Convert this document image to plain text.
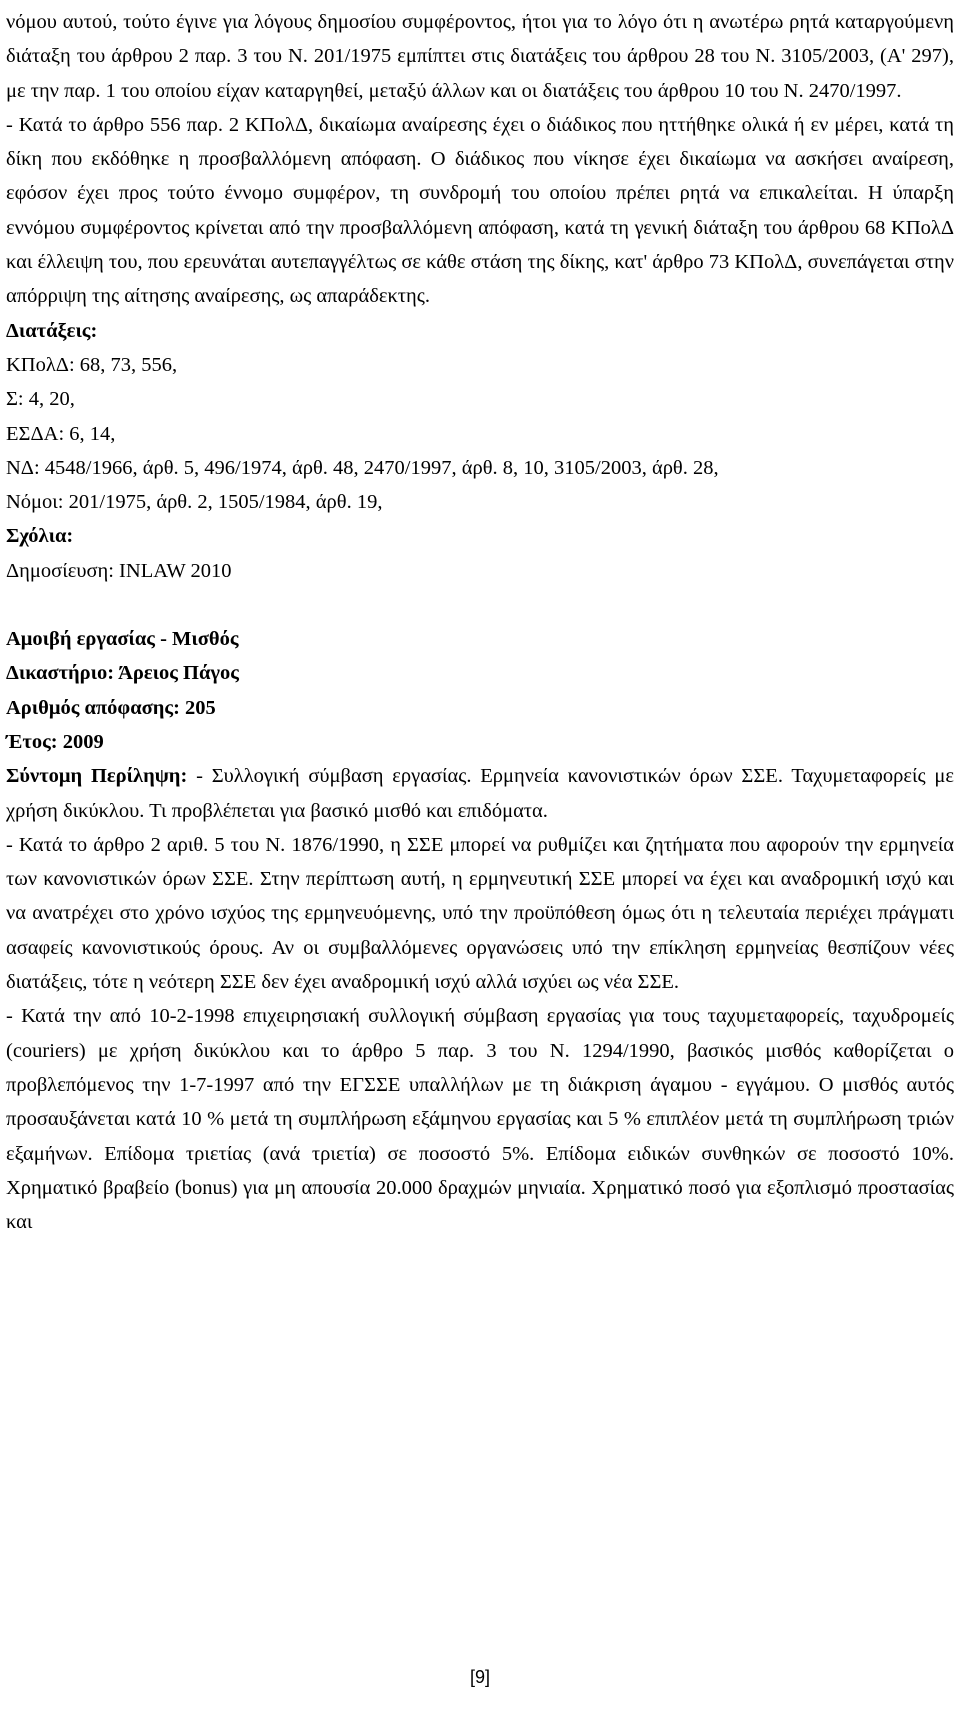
νόμου αυτού, τούτο έγινε για λόγους δημοσίου συμφέροντος, ήτοι για το λόγο ότι η ανωτέρω ρητά καταργούμενη διάταξη του άρθρου 2 παρ. 3 του Ν. 201/1975 εμπίπτει στις διατάξεις του άρθρου 28 του Ν. 3105/2003, (Α' 297), με την παρ. 1 του οποίου είχαν καταργηθεί, μεταξύ άλλων και οι διατάξεις του άρθρου 10 του Ν. 2470/1997.

- Κατά το άρθρο 556 παρ. 2 ΚΠολΔ, δικαίωμα αναίρεσης έχει ο διάδικος που ηττήθηκε ολικά ή εν μέρει, κατά τη δίκη που εκδόθηκε η προσβαλλόμενη απόφαση. Ο διάδικος που νίκησε έχει δικαίωμα να ασκήσει αναίρεση, εφόσον έχει προς τούτο έννομο συμφέρον, τη συνδρομή του οποίου πρέπει ρητά να επικαλείται. Η ύπαρξη εννόμου συμφέροντος κρίνεται από την προσβαλλόμενη απόφαση, κατά τη γενική διάταξη του άρθρου 68 ΚΠολΔ και έλλειψη του, που ερευνάται αυτεπαγγέλτως σε κάθε στάση της δίκης, κατ' άρθρο 73 ΚΠολΔ, συνεπάγεται στην απόρριψη της αίτησης αναίρεσης, ως απαράδεκτης.

Διατάξεις:

ΚΠολΔ: 68, 73, 556,

Σ: 4, 20,

ΕΣΔΑ: 6, 14,

ΝΔ: 4548/1966, άρθ. 5, 496/1974, άρθ. 48, 2470/1997, άρθ. 8, 10, 3105/2003, άρθ. 28,

Νόμοι: 201/1975, άρθ. 2, 1505/1984, άρθ. 19,

Σχόλια:

Δημοσίευση: INLAW 2010

Αμοιβή εργασίας - Μισθός

Δικαστήριο: Άρειος Πάγος

Αριθμός απόφασης: 205

Έτος: 2009

Σύντομη Περίληψη: - Συλλογική σύμβαση εργασίας. Ερμηνεία κανονιστικών όρων ΣΣΕ. Ταχυμεταφορείς με χρήση δικύκλου. Τι προβλέπεται για βασικό μισθό και επιδόματα.

- Κατά το άρθρο 2 αριθ. 5 του Ν. 1876/1990, η ΣΣΕ μπορεί να ρυθμίζει και ζητήματα που αφορούν την ερμηνεία των κανονιστικών όρων ΣΣΕ. Στην περίπτωση αυτή, η ερμηνευτική ΣΣΕ μπορεί να έχει και αναδρομική ισχύ και να ανατρέχει στο χρόνο ισχύος της ερμηνευόμενης, υπό την προϋπόθεση όμως ότι η τελευταία περιέχει πράγματι ασαφείς κανονιστικούς όρους. Αν οι συμβαλλόμενες οργανώσεις υπό την επίκληση ερμηνείας θεσπίζουν νέες διατάξεις, τότε η νεότερη ΣΣΕ δεν έχει αναδρομική ισχύ αλλά ισχύει ως νέα ΣΣΕ.

- Κατά την από 10-2-1998 επιχειρησιακή συλλογική σύμβαση εργασίας για τους ταχυμεταφορείς, ταχυδρομείς (couriers) με χρήση δικύκλου και το άρθρο 5 παρ. 3 του Ν. 1294/1990, βασικός μισθός καθορίζεται ο προβλεπόμενος την 1-7-1997 από την ΕΓΣΣΕ υπαλλήλων με τη διάκριση άγαμου - εγγάμου. Ο μισθός αυτός προσαυξάνεται κατά 10 % μετά τη συμπλήρωση εξάμηνου εργασίας και 5 % επιπλέον μετά τη συμπλήρωση τριών εξαμήνων. Επίδομα τριετίας (ανά τριετία) σε ποσοστό 5%. Επίδομα ειδικών συνθηκών σε ποσοστό 10%. Χρηματικό βραβείο (bonus) για μη απουσία 20.000 δραχμών μηνιαία. Χρηματικό ποσό για εξοπλισμό προστασίας και

[9]
